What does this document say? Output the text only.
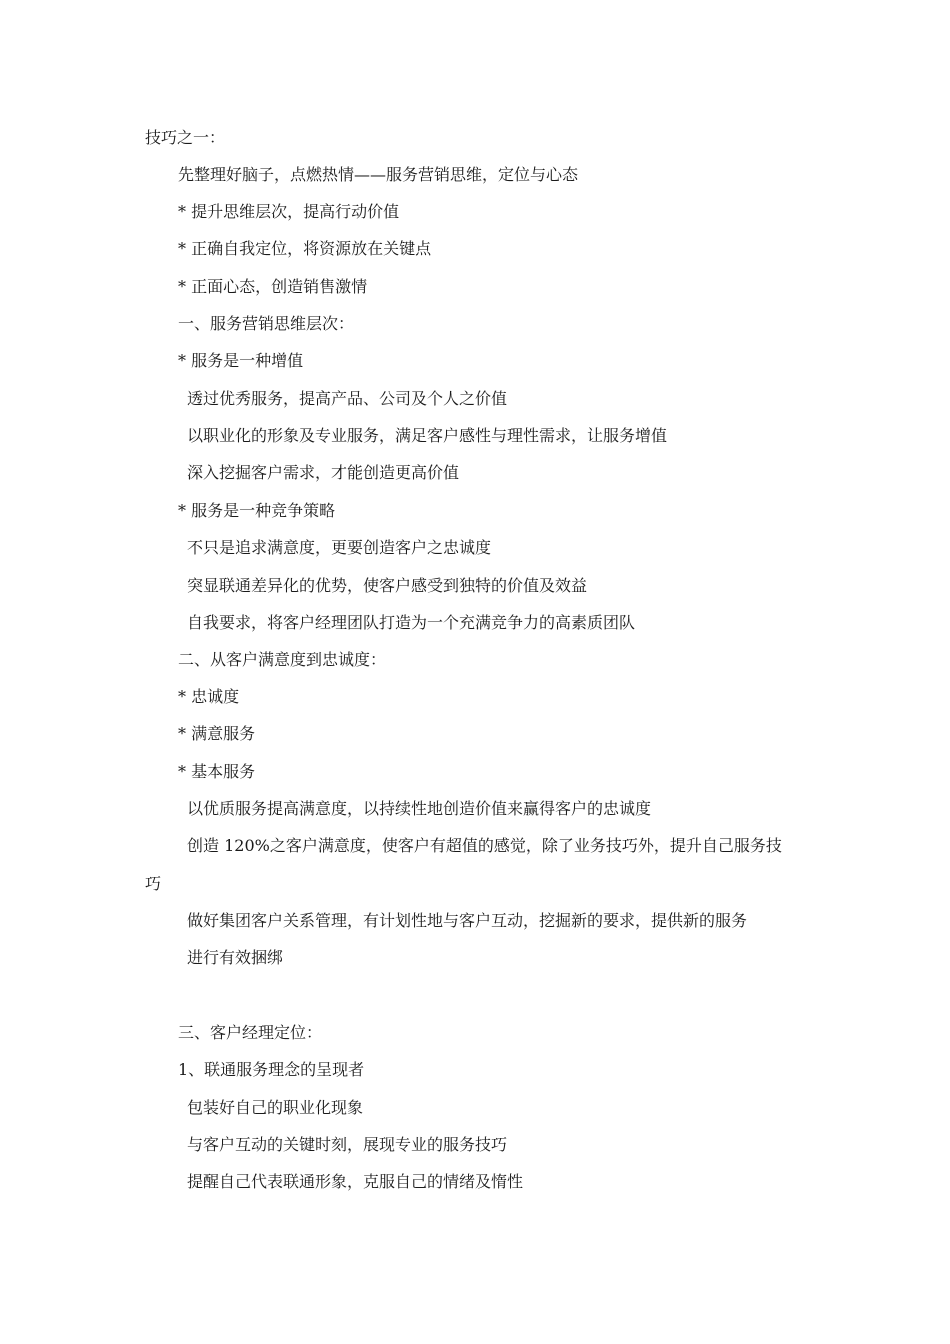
技巧之一：
先整理好脑子，点燃热情——服务营销思维，定位与心态
* 提升思维层次，提高行动价值
* 正确自我定位，将资源放在关键点
* 正面心态，创造销售激情
一、服务营销思维层次：
* 服务是一种增值
透过优秀服务，提高产品、公司及个人之价值
以职业化的形象及专业服务，满足客户感性与理性需求，让服务增值
深入挖掘客户需求，才能创造更高价值
* 服务是一种竞争策略
不只是追求满意度，更要创造客户之忠诚度
突显联通差异化的优势，使客户感受到独特的价值及效益
自我要求，将客户经理团队打造为一个充满竞争力的高素质团队
二、从客户满意度到忠诚度：
* 忠诚度
* 满意服务
* 基本服务
以优质服务提高满意度，以持续性地创造价值来赢得客户的忠诚度
创造 120%之客户满意度，使客户有超值的感觉，除了业务技巧外，提升自己服务技
巧
做好集团客户关系管理，有计划性地与客户互动，挖掘新的要求，提供新的服务
进行有效捆绑
三、客户经理定位：
1、联通服务理念的呈现者
包装好自己的职业化现象
与客户互动的关键时刻，展现专业的服务技巧
提醒自己代表联通形象，克服自己的情绪及惰性
